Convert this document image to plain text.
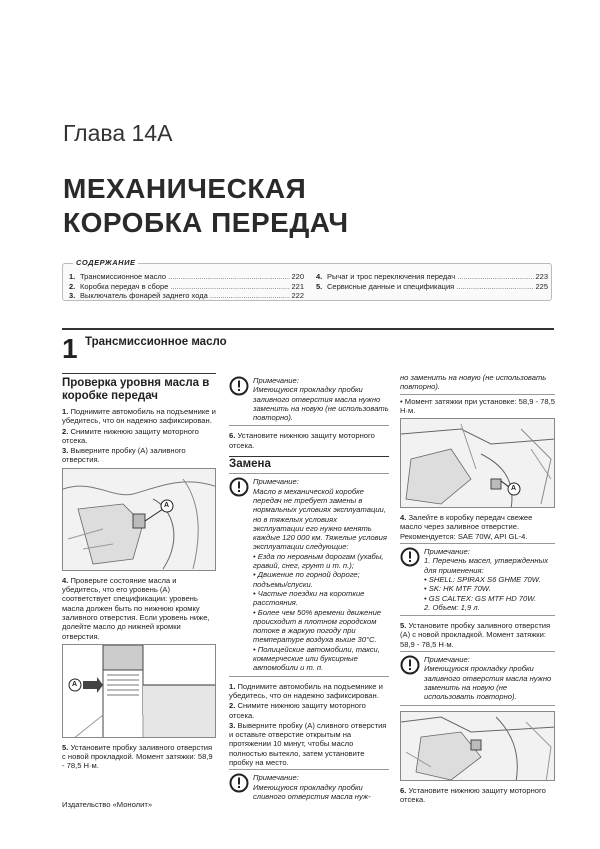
Глава 14А
МЕХАНИЧЕСКАЯ
КОРОБКА ПЕРЕДАЧ
СОДЕРЖАНИЕ
1. Трансмиссионное масло .....	220
2. Коробка передач в сборе .....	221
3. Выключатель фонарей заднего хода .....	222
4. Рычаг и трос переключения передач .....	223
5. Сервисные данные и спецификация .....	225
1 Трансмиссионное масло
Проверка уровня масла в коробке передач
1. Поднимите автомобиль на подъемнике и убедитесь, что он надежно зафиксирован.
2. Снимите нижнюю защиту моторного отсека.
3. Выверните пробку (А) заливного отверстия.
A
4. Проверьте состояние масла и убедитесь, что его уровень (А) соответствует спецификации: уровень масла должен быть по нижнюю кромку заливного отверстия. Если уровень ниже, долейте масло до нижней кромки отверстия.
A
5. Установите пробку заливного отверстия с новой прокладкой. Момент затяжки: 58,9 - 78,5 Н·м.
Примечание:
Имеющуюся прокладку пробки заливного отверстия масла нужно заменить на новую (не использовать повторно).
6. Установите нижнюю защиту моторного отсека.
Замена
Примечание:
Масло в механической коробке передач не требует замены в нормальных условиях эксплуатации, но в тяжелых условиях эксплуатации его нужно менять каждые 120 000 км. Тяжелые условия эксплуатации следующие:
• Езда по неровным дорогам (ухабы, гравий, снег, грунт и т. п.);
• Движение по горной дороге; подъемы/спуски.
• Частые поездки на короткие расстояния.
• Более чем 50% времени движение происходит в плотном городском потоке в жаркую погоду при температуре воздуха выше 30°С.
• Полицейские автомобили, такси, коммерческие или буксирные автомобили и т. п.
1. Поднимите автомобиль на подъемнике и убедитесь, что он надежно зафиксирован.
2. Снимите нижнюю защиту моторного отсека.
3. Выверните пробку (А) сливного отверстия и оставьте отверстие открытым на протяжении 10 минут, чтобы масло полностью вытекло, затем установите пробку на место.
Примечание:
Имеющуюся прокладку пробки сливного отверстия масла нуж-
но заменить на новую (не использовать повторно).
• Момент затяжки при установке: 58,9 - 78,5 Н·м.
A
4. Залейте в коробку передач свежее масло через заливное отверстие. Рекомендуется: SAE 70W, API GL-4.
Примечание:
1. Перечень масел, утвержденных для применения:
• SHELL: SPIRAX S6 GHME 70W.
• SK: HK MTF 70W.
• GS CALTEX: GS MTF HD 70W.
2. Объем: 1,9 л.
5. Установите пробку заливного отверстия (А) с новой прокладкой. Момент затяжки: 58,9 - 78,5 Н·м.
Примечание:
Имеющуюся прокладку пробки заливного отверстия масла нужно заменить на новую (не использовать повторно).
6. Установите нижнюю защиту моторного отсека.
Издательство «Монолит»
